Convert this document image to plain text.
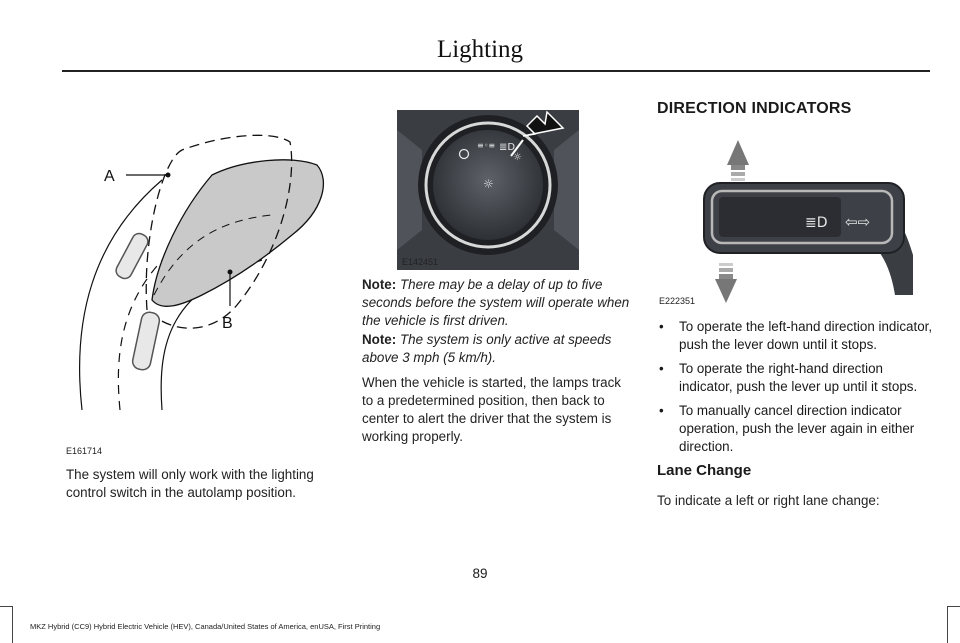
Lighting
A
B
E161714
The system will only work with the lighting control switch in the autolamp position.
≡◦≡ ≣D
☼
☼
E142451
Note: There may be a delay of up to five seconds before the system will operate when the vehicle is first driven.
Note: The system is only active at speeds above 3 mph (5 km/h).
When the vehicle is started, the lamps track to a predetermined position, then back to center to alert the driver that the system is working properly.
DIRECTION INDICATORS
≣D ⇦⇨
E222351
• To operate the left-hand direction indicator, push the lever down until it stops.
• To operate the right-hand direction indicator, push the lever up until it stops.
• To manually cancel direction indicator operation, push the lever again in either direction.
Lane Change
To indicate a left or right lane change:
89
MKZ Hybrid (CC9) Hybrid Electric Vehicle (HEV), Canada/United States of America, enUSA, First Printing
